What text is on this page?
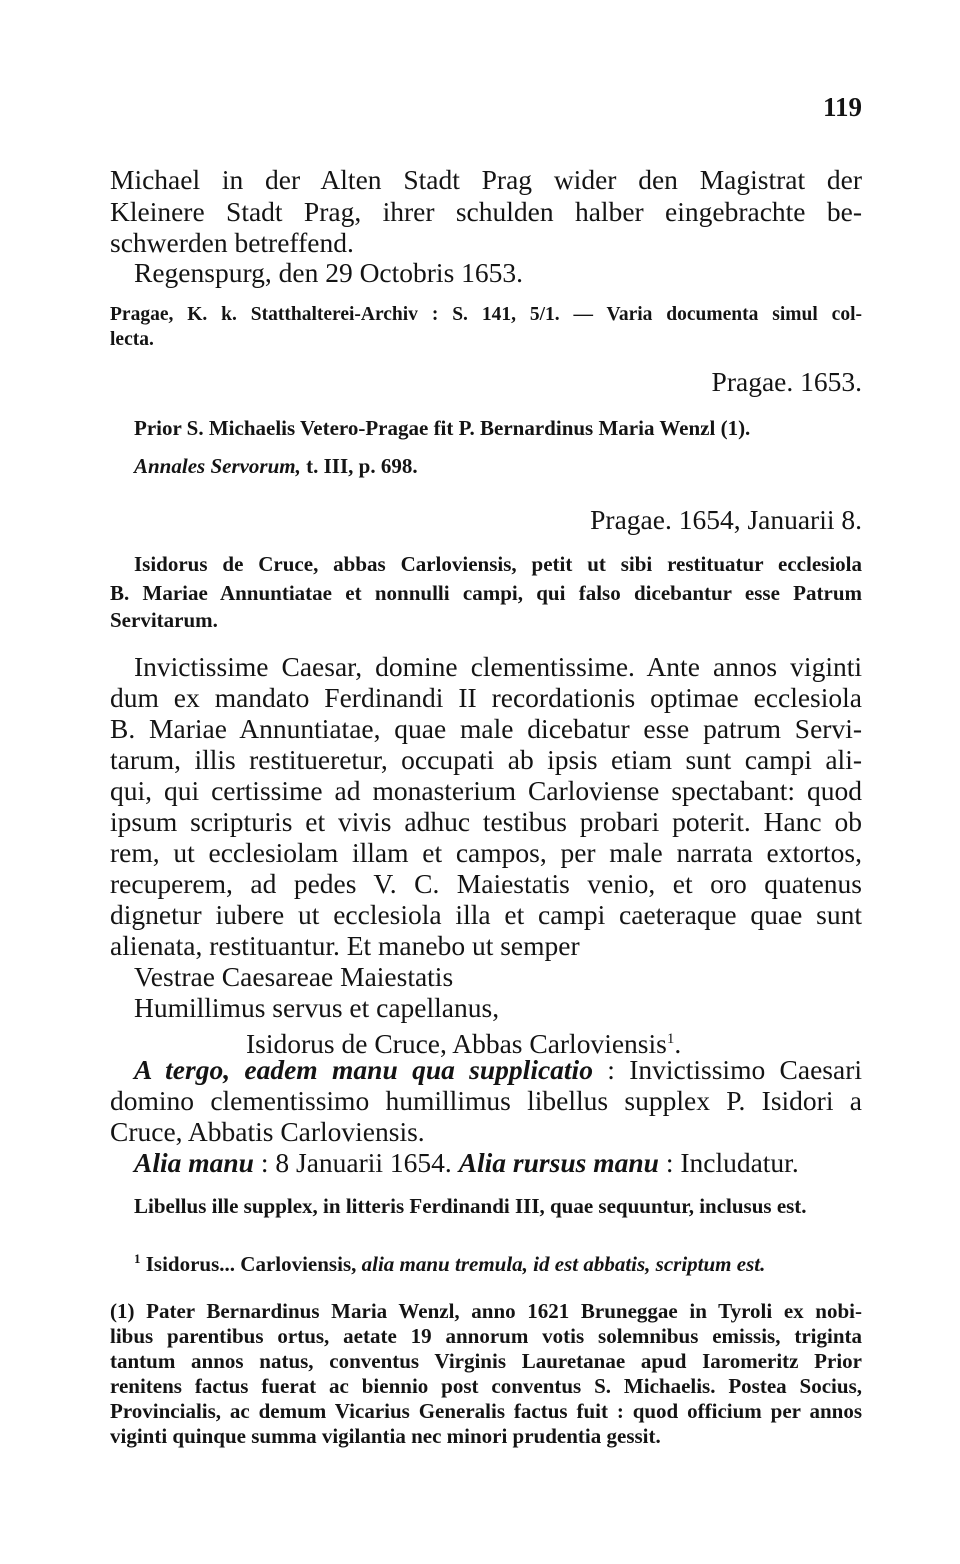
119

Michael in der Alten Stadt Prag wider den Magistrat der

Kleinere Stadt Prag, ihrer schulden halber eingebrachte be-

schwerden betreffend.

Regenspurg, den 29 Octobris 1653.

Pragae, K. k. Statthalterei-Archiv : S. 141, 5/1. — Varia documenta simul col-

lecta.

Pragae. 1653.

Prior S. Michaelis Vetero-Pragae fit P. Bernardinus Maria Wenzl (1).

Annales Servorum, t. III, p. 698.

Pragae. 1654, Januarii 8.

Isidorus de Cruce, abbas Carloviensis, petit ut sibi restituatur ecclesiola

B. Mariae Annuntiatae et nonnulli campi, qui falso dicebantur esse Patrum

Servitarum.

Invictissime Caesar, domine clementissime. Ante annos viginti

dum ex mandato Ferdinandi II recordationis optimae ecclesiola

B. Mariae Annuntiatae, quae male dicebatur esse patrum Servi-

tarum, illis restitueretur, occupati ab ipsis etiam sunt campi ali-

qui, qui certissime ad monasterium Carloviense spectabant: quod

ipsum scripturis et vivis adhuc testibus probari poterit. Hanc ob

rem, ut ecclesiolam illam et campos, per male narrata extortos,

recuperem, ad pedes V. C. Maiestatis venio, et oro quatenus

dignetur iubere ut ecclesiola illa et campi caeteraque quae sunt

alienata, restituantur. Et manebo ut semper

Vestrae Caesareae Maiestatis

Humillimus servus et capellanus,

Isidorus de Cruce, Abbas Carloviensis$^1$.

A tergo, eadem manu qua supplicatio : Invictissimo Caesari

domino clementissimo humillimus libellus supplex P. Isidori a

Cruce, Abbatis Carloviensis.

Alia manu : 8 Januarii 1654. Alia rursus manu : Includatur.

Libellus ille supplex, in litteris Ferdinandi III, quae sequuntur, inclusus est.

$^1$ Isidorus... Carloviensis, alia manu tremula, id est abbatis, scriptum est.

(1) Pater Bernardinus Maria Wenzl, anno 1621 Bruneggae in Tyroli ex nobi-

libus parentibus ortus, aetate 19 annorum votis solemnibus emissis, triginta

tantum annos natus, conventus Virginis Lauretanae apud Iaromeritz Prior

renitens factus fuerat ac biennio post conventus S. Michaelis. Postea Socius,

Provincialis, ac demum Vicarius Generalis factus fuit : quod officium per annos

viginti quinque summa vigilantia nec minori prudentia gessit.
